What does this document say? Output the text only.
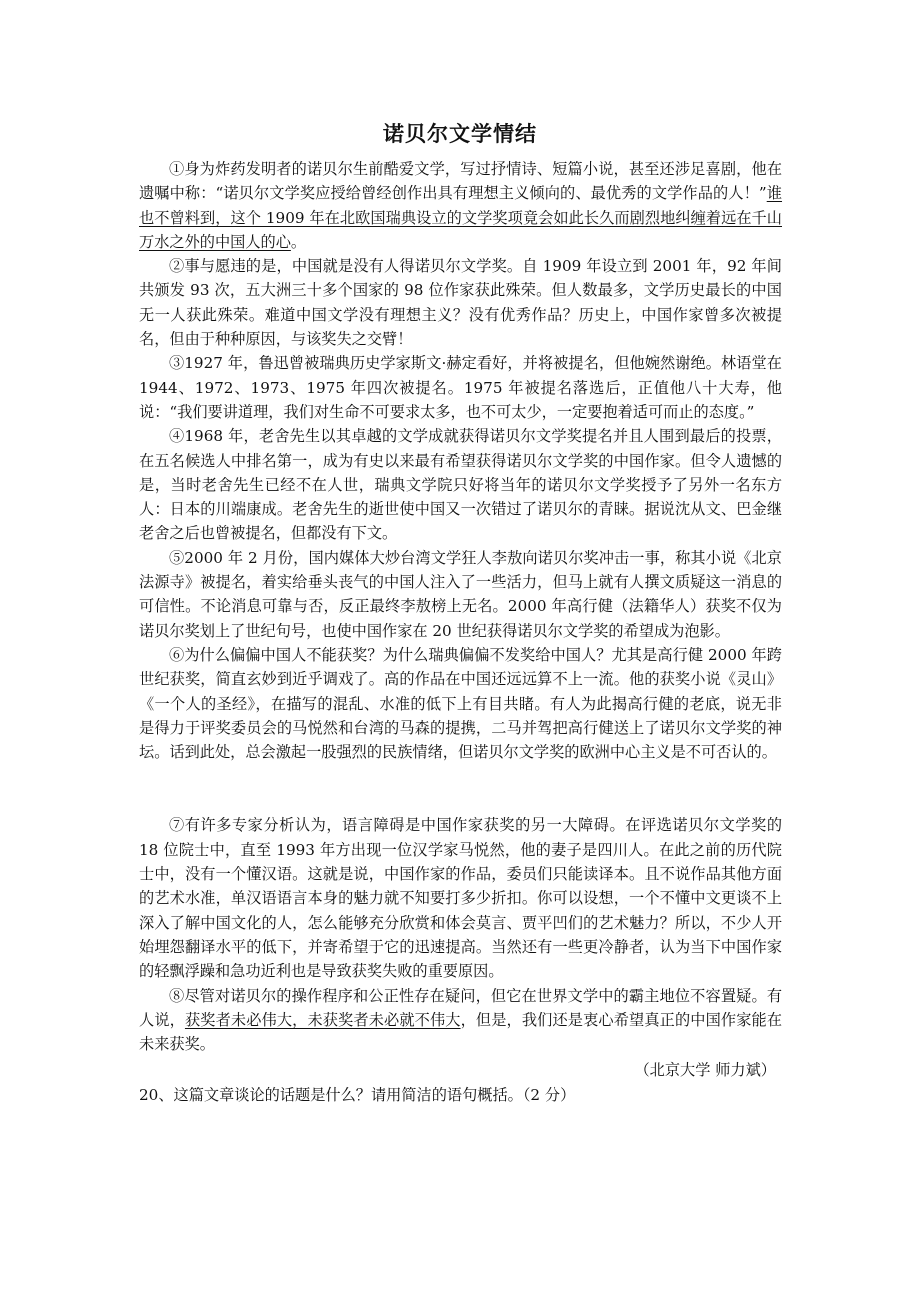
诺贝尔文学情结

①身为炸药发明者的诺贝尔生前酷爱文学，写过抒情诗、短篇小说，甚至还涉足喜剧，他在遗嘱中称：“诺贝尔文学奖应授给曾经创作出具有理想主义倾向的、最优秀的文学作品的人！”谁也不曾料到，这个 1909 年在北欧国瑞典设立的文学奖项竟会如此长久而剧烈地纠缠着远在千山万水之外的中国人的心。

②事与愿违的是，中国就是没有人得诺贝尔文学奖。自 1909 年设立到 2001 年，92 年间共颁发 93 次，五大洲三十多个国家的 98 位作家获此殊荣。但人数最多，文学历史最长的中国无一人获此殊荣。难道中国文学没有理想主义？没有优秀作品？历史上，中国作家曾多次被提名，但由于种种原因，与该奖失之交臂！

③1927 年，鲁迅曾被瑞典历史学家斯文·赫定看好，并将被提名，但他婉然谢绝。林语堂在 1944、1972、1973、1975 年四次被提名。1975 年被提名落选后，正值他八十大寿，他说：“我们要讲道理，我们对生命不可要求太多，也不可太少，一定要抱着适可而止的态度。”

④1968 年，老舍先生以其卓越的文学成就获得诺贝尔文学奖提名并且人围到最后的投票，在五名候选人中排名第一，成为有史以来最有希望获得诺贝尔文学奖的中国作家。但令人遗憾的是，当时老舍先生已经不在人世，瑞典文学院只好将当年的诺贝尔文学奖授予了另外一名东方人：日本的川端康成。老舍先生的逝世使中国又一次错过了诺贝尔的青睐。据说沈从文、巴金继老舍之后也曾被提名，但都没有下文。

⑤2000 年 2 月份，国内媒体大炒台湾文学狂人李敖向诺贝尔奖冲击一事，称其小说《北京法源寺》被提名，着实给垂头丧气的中国人注入了一些活力，但马上就有人撰文质疑这一消息的可信性。不论消息可靠与否，反正最终李敖榜上无名。2000 年高行健（法籍华人）获奖不仅为诺贝尔奖划上了世纪句号，也使中国作家在 20 世纪获得诺贝尔文学奖的希望成为泡影。

⑥为什么偏偏中国人不能获奖？为什么瑞典偏偏不发奖给中国人？尤其是高行健 2000 年跨世纪获奖，简直玄妙到近乎调戏了。高的作品在中国还远远算不上一流。他的获奖小说《灵山》《一个人的圣经》，在描写的混乱、水准的低下上有目共睹。有人为此揭高行健的老底，说无非是得力于评奖委员会的马悦然和台湾的马森的提携，二马并驾把高行健送上了诺贝尔文学奖的神坛。话到此处，总会激起一股强烈的民族情绪，但诺贝尔文学奖的欧洲中心主义是不可否认的。

⑦有许多专家分析认为，语言障碍是中国作家获奖的另一大障碍。在评选诺贝尔文学奖的 18 位院士中，直至 1993 年方出现一位汉学家马悦然，他的妻子是四川人。在此之前的历代院士中，没有一个懂汉语。这就是说，中国作家的作品，委员们只能读译本。且不说作品其他方面的艺术水准，单汉语语言本身的魅力就不知要打多少折扣。你可以设想，一个不懂中文更谈不上深入了解中国文化的人，怎么能够充分欣赏和体会莫言、贾平凹们的艺术魅力？所以，不少人开始埋怨翻译水平的低下，并寄希望于它的迅速提高。当然还有一些更冷静者，认为当下中国作家的轻飘浮躁和急功近利也是导致获奖失败的重要原因。

⑧尽管对诺贝尔的操作程序和公正性存在疑问，但它在世界文学中的霸主地位不容置疑。有人说，获奖者未必伟大，未获奖者未必就不伟大，但是，我们还是衷心希望真正的中国作家能在未来获奖。

（北京大学 师力斌）

20、这篇文章谈论的话题是什么？请用简洁的语句概括。（2 分）
